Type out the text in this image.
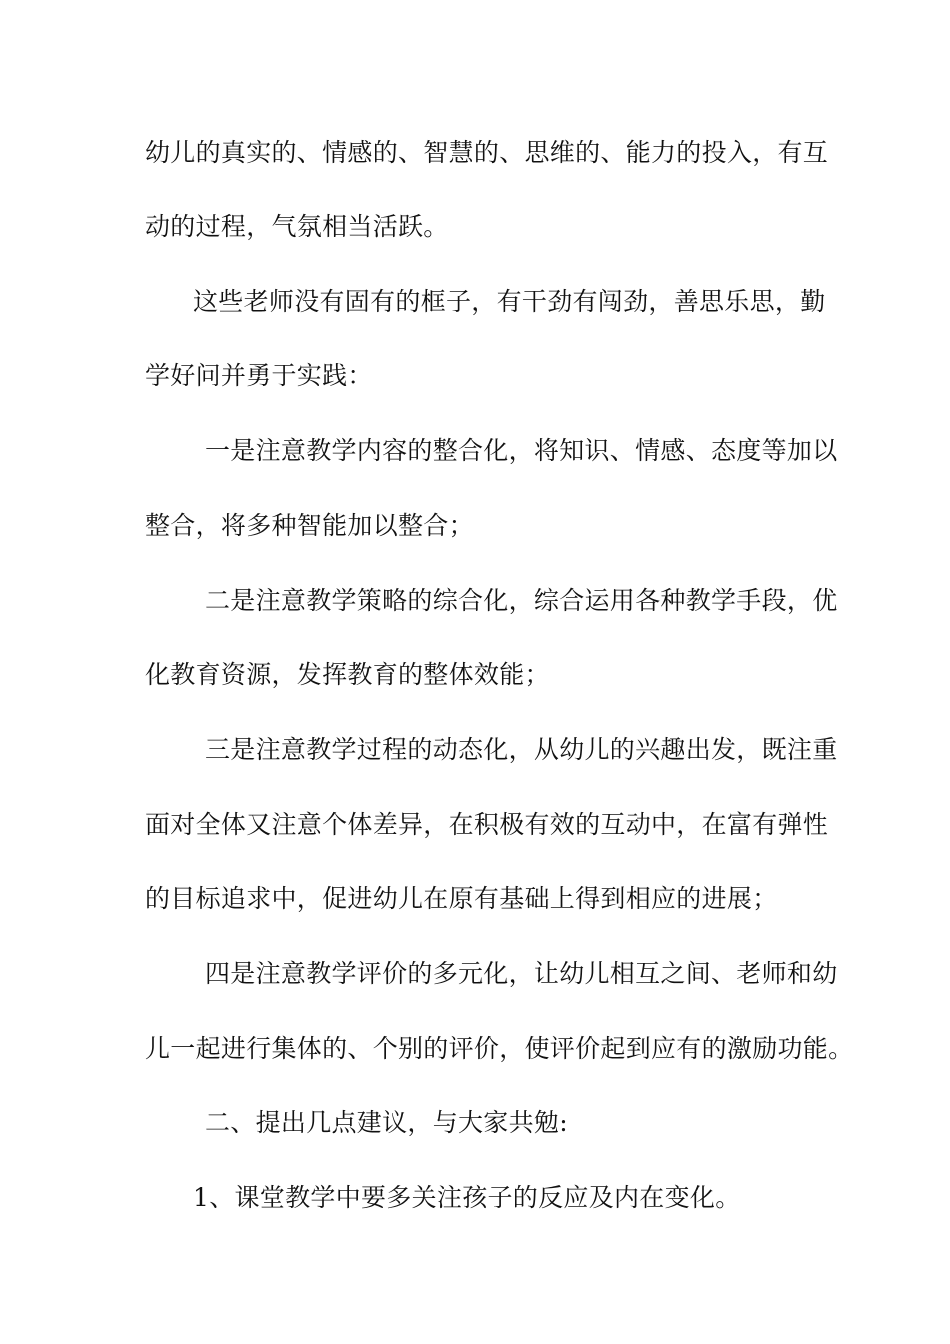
幼儿的真实的、情感的、智慧的、思维的、能力的投入，有互
动的过程，气氛相当活跃。
这些老师没有固有的框子，有干劲有闯劲，善思乐思，勤
学好问并勇于实践：
一是注意教学内容的整合化，将知识、情感、态度等加以
整合，将多种智能加以整合；
二是注意教学策略的综合化，综合运用各种教学手段，优
化教育资源，发挥教育的整体效能；
三是注意教学过程的动态化，从幼儿的兴趣出发，既注重
面对全体又注意个体差异，在积极有效的互动中，在富有弹性
的目标追求中，促进幼儿在原有基础上得到相应的进展；
四是注意教学评价的多元化，让幼儿相互之间、老师和幼
儿一起进行集体的、个别的评价，使评价起到应有的激励功能。
二、提出几点建议，与大家共勉:
1、课堂教学中要多关注孩子的反应及内在变化。
